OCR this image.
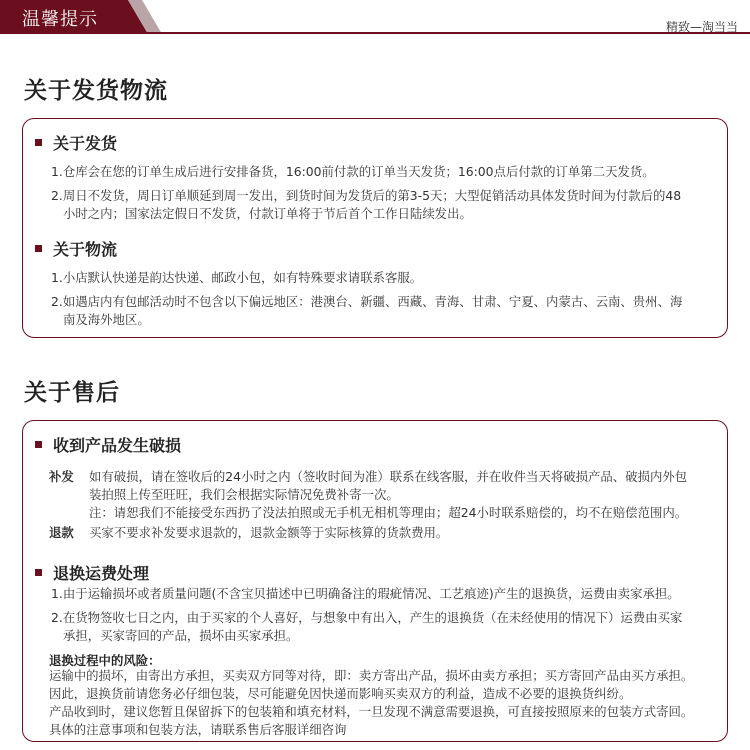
温馨提示	精致—淘当当
关于发货物流
关于发货
1.仓库会在您的订单生成后进行安排备货，16:00前付款的订单当天发货；16:00点后付款的订单第二天发货。
2.周日不发货，周日订单顺延到周一发出，到货时间为发货后的第3-5天；大型促销活动具体发货时间为付款后的48
小时之内；国家法定假日不发货，付款订单将于节后首个工作日陆续发出。
关于物流
1.小店默认快递是韵达快递、邮政小包，如有特殊要求请联系客服。
2.如遇店内有包邮活动时不包含以下偏远地区：港澳台、新疆、西藏、青海、甘肃、宁夏、内蒙古、云南、贵州、海
南及海外地区。
关于售后
收到产品发生破损
补发 如有破损，请在签收后的24小时之内（签收时间为准）联系在线客服，并在收件当天将破损产品、破损内外包
装拍照上传至旺旺，我们会根据实际情况免费补寄一次。
注：请恕我们不能接受东西扔了没法拍照或无手机无相机等理由；超24小时联系赔偿的，均不在赔偿范围内。
退款 买家不要求补发要求退款的，退款金额等于实际核算的货款费用。
退换运费处理
1.由于运输损坏或者质量问题(不含宝贝描述中已明确备注的瑕疵情况、工艺痕迹)产生的退换货，运费由卖家承担。
2.在货物签收七日之内，由于买家的个人喜好，与想象中有出入，产生的退换货（在未经使用的情况下）运费由买家
承担，买家寄回的产品，损坏由买家承担。
退换过程中的风险：
运输中的损坏，由寄出方承担，买卖双方同等对待，即：卖方寄出产品，损坏由卖方承担；买方寄回产品由买方承担。
因此，退换货前请您务必仔细包装，尽可能避免因快递而影响买卖双方的利益，造成不必要的退换货纠纷。
产品收到时，建议您暂且保留拆下的包装箱和填充材料，一旦发现不满意需要退换，可直接按照原来的包装方式寄回。
具体的注意事项和包装方法，请联系售后客服详细咨询
